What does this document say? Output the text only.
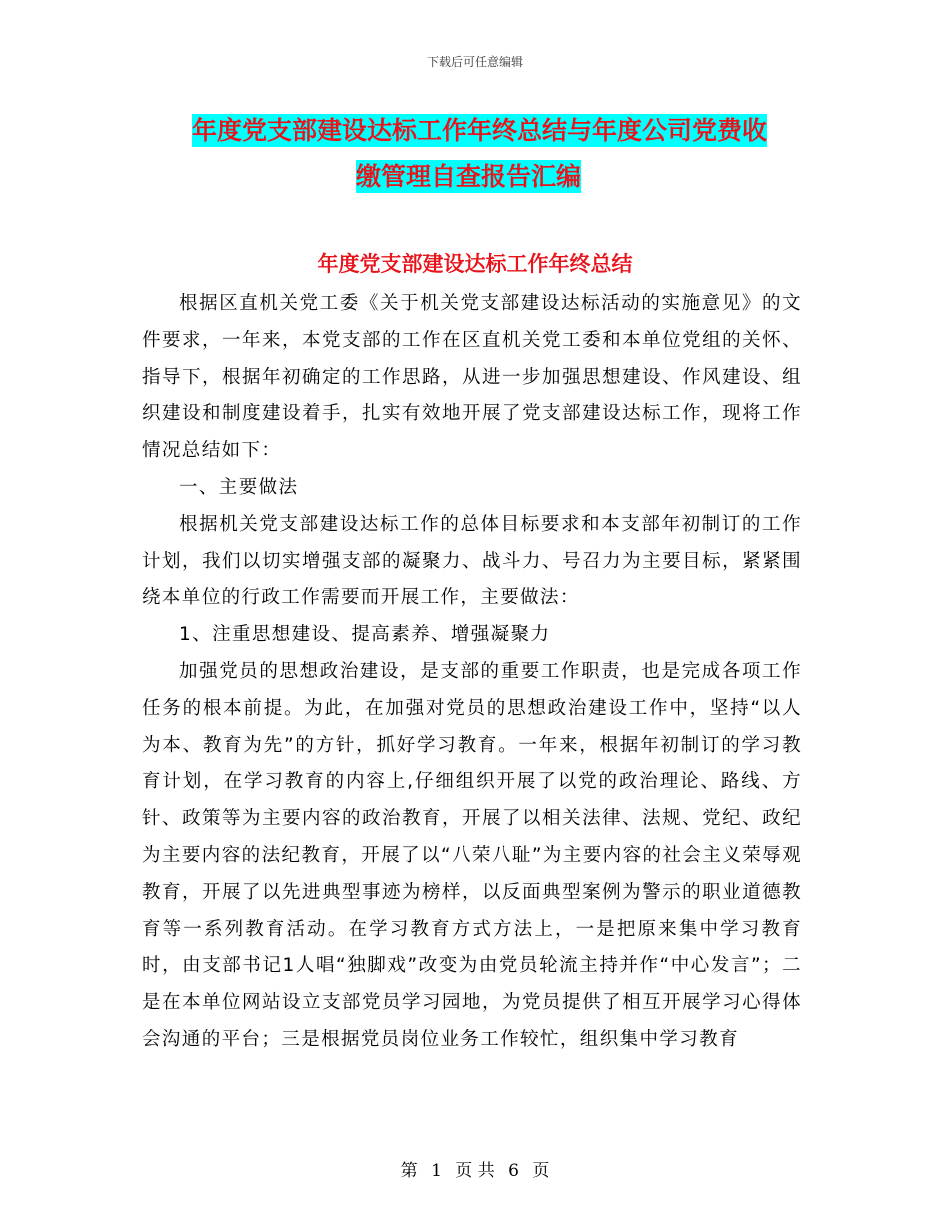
下载后可任意编辑
年度党支部建设达标工作年终总结与年度公司党费收
缴管理自查报告汇编
年度党支部建设达标工作年终总结

根据区直机关党工委《关于机关党支部建设达标活动的实施意见》的文件要求，一年来，本党支部的工作在区直机关党工委和本单位党组的关怀、指导下，根据年初确定的工作思路，从进一步加强思想建设、作风建设、组织建设和制度建设着手，扎实有效地开展了党支部建设达标工作，现将工作情况总结如下：

一、主要做法

根据机关党支部建设达标工作的总体目标要求和本支部年初制订的工作计划，我们以切实增强支部的凝聚力、战斗力、号召力为主要目标，紧紧围绕本单位的行政工作需要而开展工作，主要做法：

1、注重思想建设、提高素养、增强凝聚力

加强党员的思想政治建设，是支部的重要工作职责，也是完成各项工作任务的根本前提。为此，在加强对党员的思想政治建设工作中，坚持“以人为本、教育为先”的方针，抓好学习教育。一年来，根据年初制订的学习教育计划，在学习教育的内容上,仔细组织开展了以党的政治理论、路线、方针、政策等为主要内容的政治教育，开展了以相关法律、法规、党纪、政纪为主要内容的法纪教育，开展了以“八荣八耻”为主要内容的社会主义荣辱观教育，开展了以先进典型事迹为榜样，以反面典型案例为警示的职业道德教育等一系列教育活动。在学习教育方式方法上，一是把原来集中学习教育时，由支部书记1人唱“独脚戏”改变为由党员轮流主持并作“中心发言”；二是在本单位网站设立支部党员学习园地，为党员提供了相互开展学习心得体会沟通的平台；三是根据党员岗位业务工作较忙，组织集中学习教育

第 1 页 共 6 页
